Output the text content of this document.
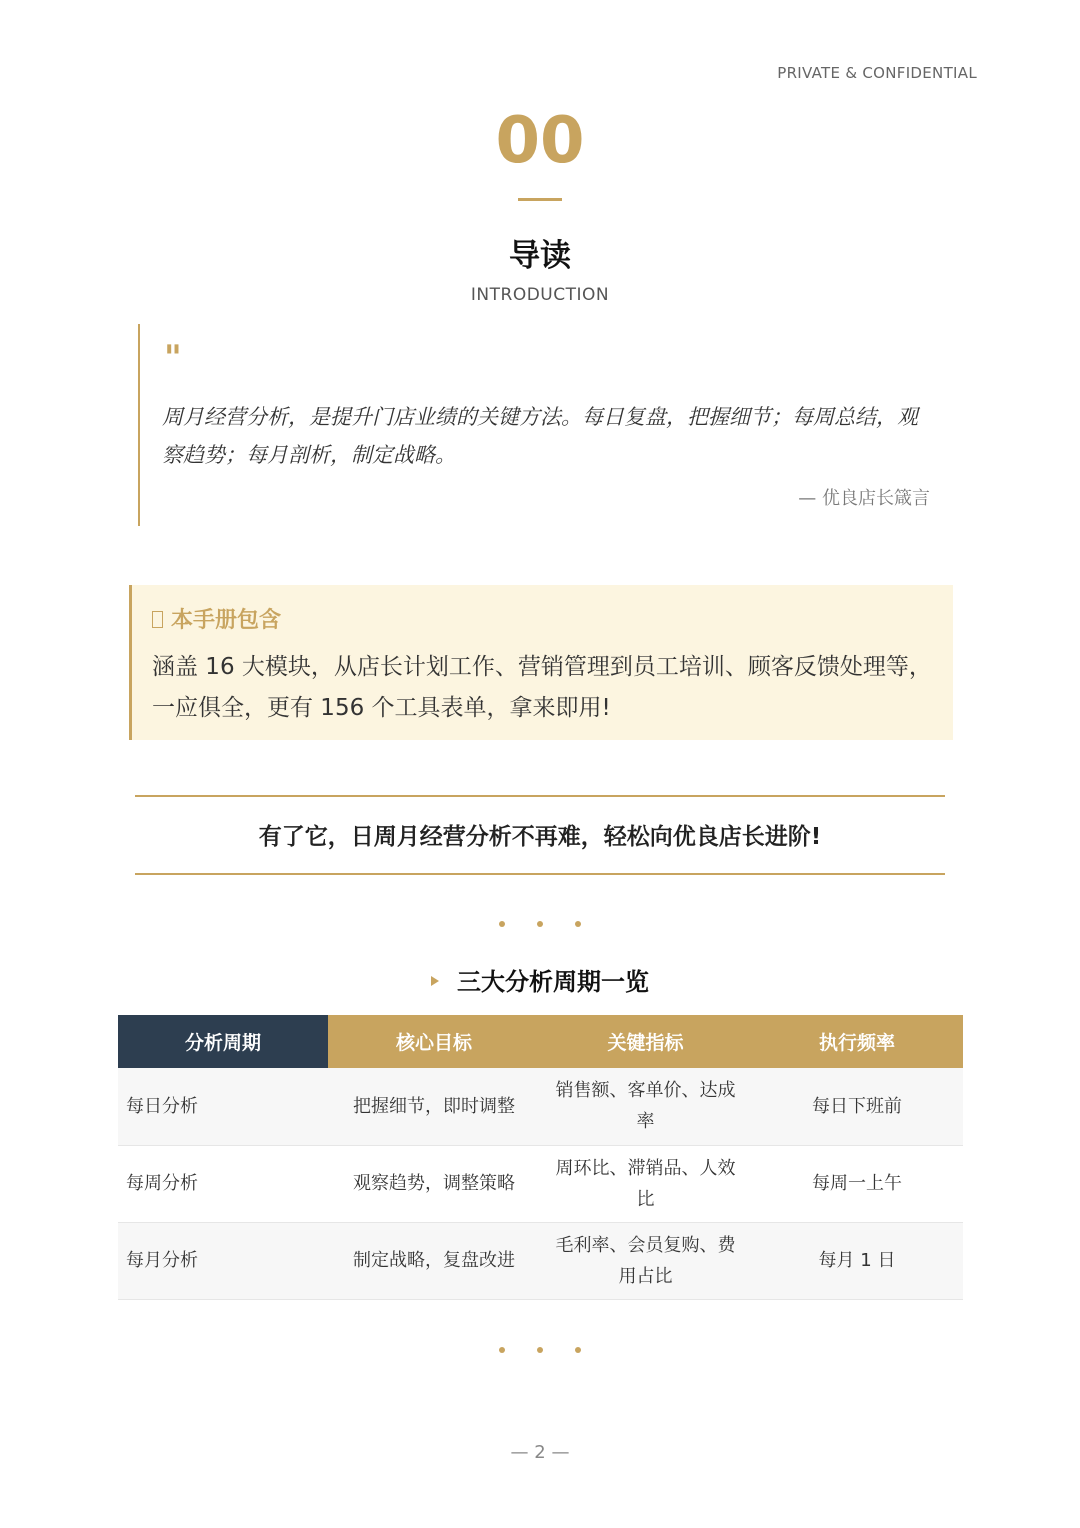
PRIVATE & CONFIDENTIAL
00
导读
INTRODUCTION
"
周月经营分析，是提升门店业绩的关键方法。每日复盘，把握细节；每周总结，观察趋势；每月剖析，制定战略。
— 优良店长箴言
本手册包含
涵盖 16 大模块，从店长计划工作、营销管理到员工培训、顾客反馈处理等，一应俱全，更有 156 个工具表单，拿来即用!
有了它，日周月经营分析不再难，轻松向优良店长进阶!
三大分析周期一览
分析周期	核心目标	关键指标	执行频率
每日分析	把握细节，即时调整	销售额、客单价、达成率	每日下班前
每周分析	观察趋势，调整策略	周环比、滞销品、人效比	每周一上午
每月分析	制定战略，复盘改进	毛利率、会员复购、费用占比	每月 1 日
— 2 —
